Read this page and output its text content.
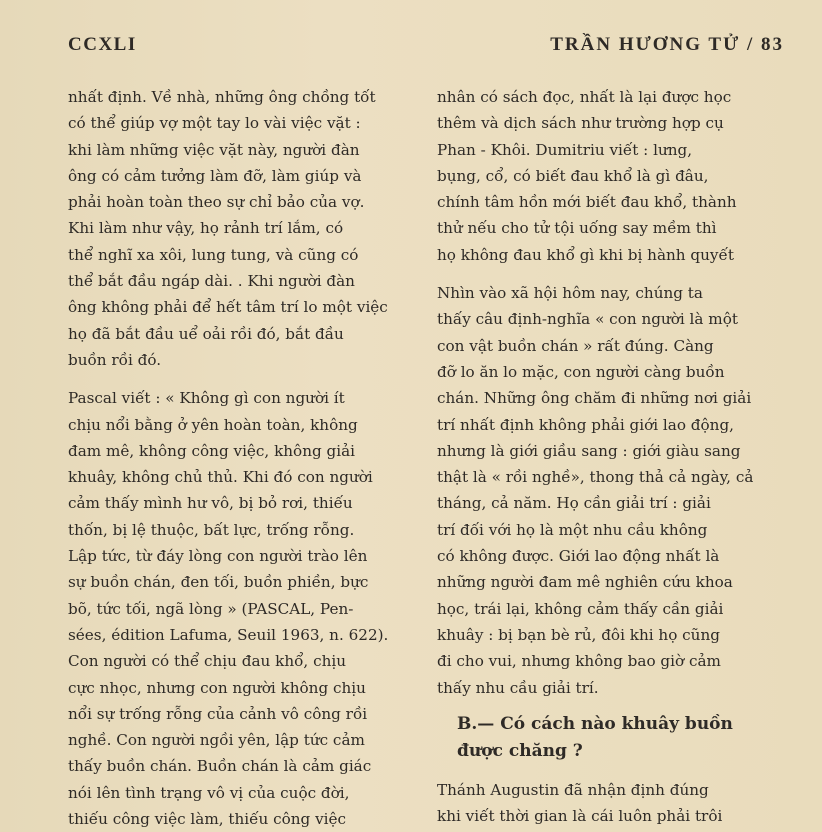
CCXLI	TRẦN HƯƠNG TỬ / 83
nhất định. Về nhà, những ông chồng tốt
có thể giúp vợ một tay lo vài việc vặt :
khi làm những việc vặt này, người đàn
ông có cảm tưởng làm đỡ, làm giúp và
phải hoàn toàn theo sự chỉ bảo của vợ.
Khi làm như vậy, họ rảnh trí lắm, có
thể nghĩ xa xôi, lung tung, và cũng có
thể bắt đầu ngáp dài. . Khi người đàn
ông không phải để hết tâm trí lo một việc
họ đã bắt đầu uể oải rồi đó, bắt đầu
buồn rồi đó.
Pascal viết : « Không gì con người ít
chịu nổi bằng ở yên hoàn toàn, không
đam mê, không công việc, không giải
khuây, không chủ thủ. Khi đó con người
cảm thấy mình hư vô, bị bỏ rơi, thiếu
thốn, bị lệ thuộc, bất lực, trống rỗng.
Lập tức, từ đáy lòng con người trào lên
sự buồn chán, đen tối, buồn phiền, bực
bõ, tức tối, ngã lòng » (PASCAL, Pen-
sées, édition Lafuma, Seuil 1963, n. 622).
Con người có thể chịu đau khổ, chịu
cực nhọc, nhưng con người không chịu
nổi sự trống rỗng của cảnh vô công rồi
nghề. Con người ngồi yên, lập tức cảm
thấy buồn chán. Buồn chán là cảm giác
nói lên tình trạng vô vị của cuộc đời,
thiếu công việc làm, thiếu công việc
nhân có sách đọc, nhất là lại được học
thêm và dịch sách như trường hợp cụ
Phan - Khôi. Dumitriu viết : lưng,
bụng, cổ, có biết đau khổ là gì đâu,
chính tâm hồn mới biết đau khổ, thành
thử nếu cho tử tội uống say mềm thì
họ không đau khổ gì khi bị hành quyết
Nhìn vào xã hội hôm nay, chúng ta
thấy câu định-nghĩa « con người là một
con vật buồn chán » rất đúng. Càng
đỡ lo ăn lo mặc, con người càng buồn
chán. Những ông chăm đi những nơi giải
trí nhất định không phải giới lao động,
nhưng là giới giầu sang : giới giàu sang
thật là « rồi nghề», thong thả cả ngày, cả
tháng, cả năm. Họ cần giải trí : giải
trí đối với họ là một nhu cầu không
có không được. Giới lao động nhất là
những người đam mê nghiên cứu khoa
học, trái lại, không cảm thấy cần giải
khuây : bị bạn bè rủ, đôi khi họ cũng
đi cho vui, nhưng không bao giờ cảm
thấy nhu cầu giải trí.
B.— Có cách nào khuây buồn
được chăng ?
Thánh Augustin đã nhận định đúng
khi viết thời gian là cái luôn phải trôi
